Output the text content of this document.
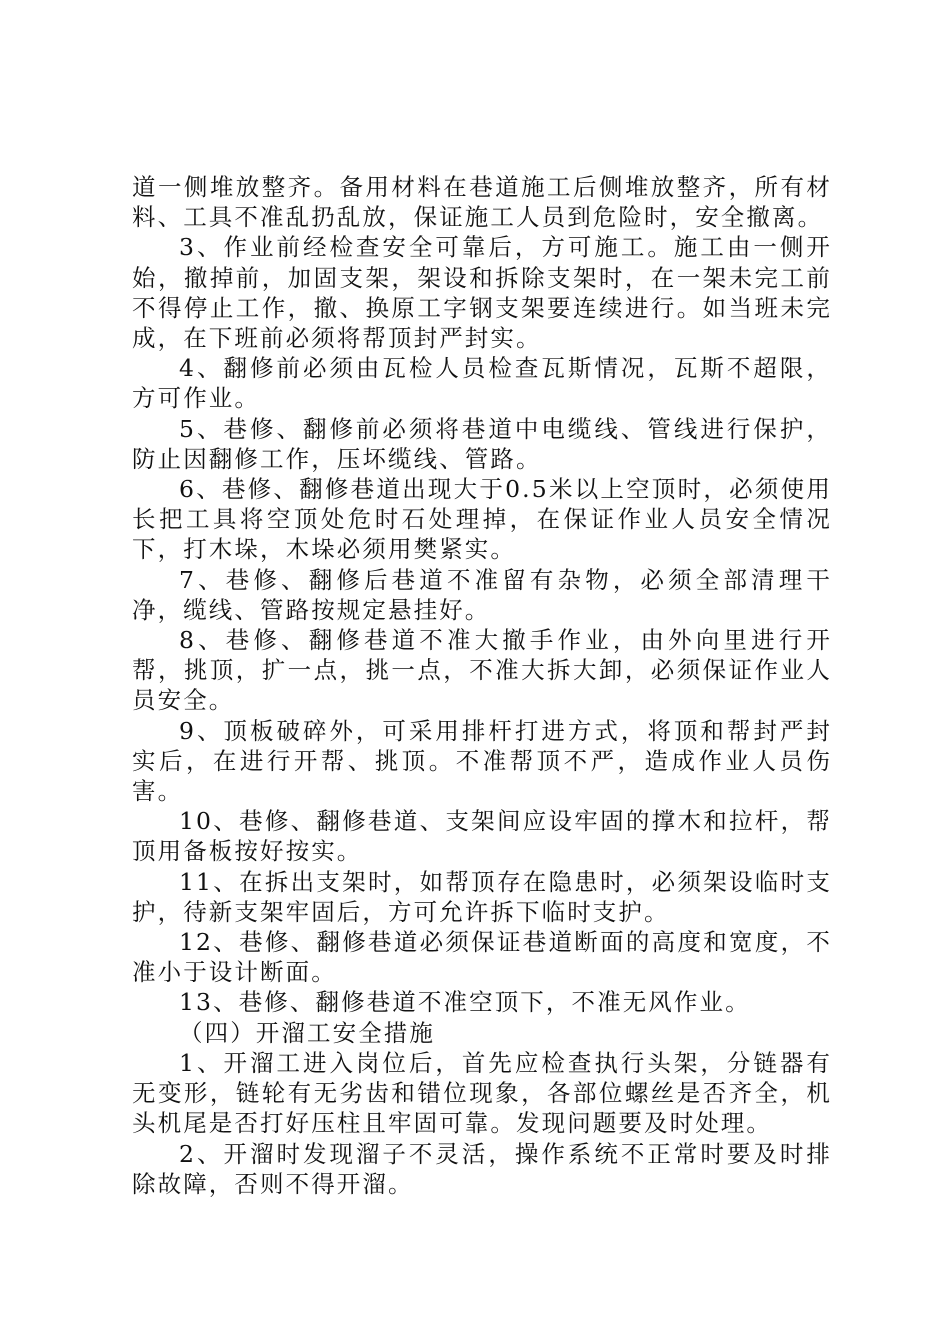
道一侧堆放整齐。备用材料在巷道施工后侧堆放整齐，所有材料、工具不准乱扔乱放，保证施工人员到危险时，安全撤离。

3、作业前经检查安全可靠后，方可施工。施工由一侧开始，撤掉前，加固支架，架设和拆除支架时，在一架未完工前不得停止工作，撤、换原工字钢支架要连续进行。如当班未完成，在下班前必须将帮顶封严封实。

4、翻修前必须由瓦检人员检查瓦斯情况，瓦斯不超限，方可作业。

5、巷修、翻修前必须将巷道中电缆线、管线进行保护，防止因翻修工作，压坏缆线、管路。

6、巷修、翻修巷道出现大于0.5米以上空顶时，必须使用长把工具将空顶处危时石处理掉，在保证作业人员安全情况下，打木垛，木垛必须用樊紧实。

7、巷修、翻修后巷道不准留有杂物，必须全部清理干净，缆线、管路按规定悬挂好。

8、巷修、翻修巷道不准大撤手作业，由外向里进行开帮，挑顶，扩一点，挑一点，不准大拆大卸，必须保证作业人员安全。

9、顶板破碎外，可采用排杆打进方式，将顶和帮封严封实后，在进行开帮、挑顶。不准帮顶不严，造成作业人员伤害。

10、巷修、翻修巷道、支架间应设牢固的撑木和拉杆，帮顶用备板按好按实。

11、在拆出支架时，如帮顶存在隐患时，必须架设临时支护，待新支架牢固后，方可允许拆下临时支护。

12、巷修、翻修巷道必须保证巷道断面的高度和宽度，不准小于设计断面。

13、巷修、翻修巷道不准空顶下，不准无风作业。

（四）开溜工安全措施

1、开溜工进入岗位后，首先应检查执行头架，分链器有无变形，链轮有无劣齿和错位现象，各部位螺丝是否齐全，机头机尾是否打好压柱且牢固可靠。发现问题要及时处理。

2、开溜时发现溜子不灵活，操作系统不正常时要及时排除故障，否则不得开溜。
